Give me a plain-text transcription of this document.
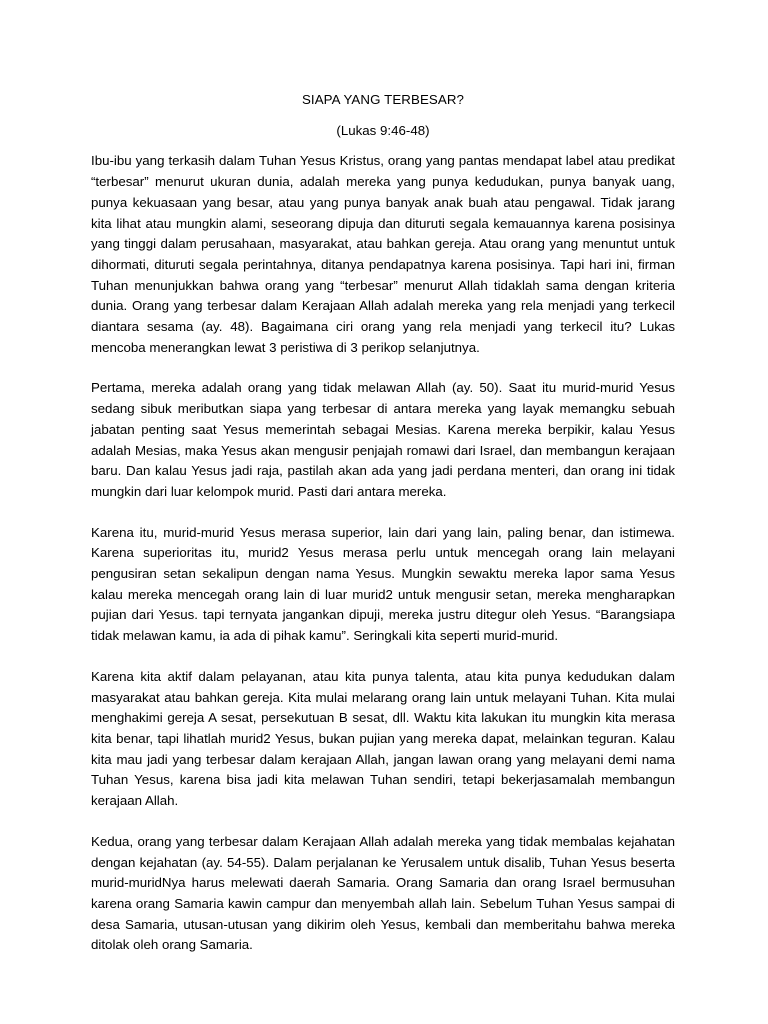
SIAPA YANG TERBESAR?
(Lukas 9:46-48)

Ibu-ibu yang terkasih dalam Tuhan Yesus Kristus, orang yang pantas mendapat label atau predikat “terbesar” menurut ukuran dunia, adalah mereka yang punya kedudukan, punya banyak uang, punya kekuasaan yang besar, atau yang punya banyak anak buah atau pengawal. Tidak jarang kita lihat atau mungkin alami, seseorang dipuja dan dituruti segala kemauannya karena posisinya yang tinggi dalam perusahaan, masyarakat, atau bahkan gereja. Atau orang yang menuntut untuk dihormati, dituruti segala perintahnya, ditanya pendapatnya karena posisinya. Tapi hari ini, firman Tuhan menunjukkan bahwa orang yang “terbesar” menurut Allah tidaklah sama dengan kriteria dunia. Orang yang terbesar dalam Kerajaan Allah adalah mereka yang rela menjadi yang terkecil diantara sesama (ay. 48). Bagaimana ciri orang yang rela menjadi yang terkecil itu? Lukas mencoba menerangkan lewat 3 peristiwa di 3 perikop selanjutnya.

Pertama, mereka adalah orang yang tidak melawan Allah (ay. 50). Saat itu murid-murid Yesus sedang sibuk meributkan siapa yang terbesar di antara mereka yang layak memangku sebuah jabatan penting saat Yesus memerintah sebagai Mesias. Karena mereka berpikir, kalau Yesus adalah Mesias, maka Yesus akan mengusir penjajah romawi dari Israel, dan membangun kerajaan baru. Dan kalau Yesus jadi raja, pastilah akan ada yang jadi perdana menteri, dan orang ini tidak mungkin dari luar kelompok murid. Pasti dari antara mereka.

Karena itu, murid-murid Yesus merasa superior, lain dari yang lain, paling benar, dan istimewa. Karena superioritas itu, murid2 Yesus merasa perlu untuk mencegah orang lain melayani pengusiran setan sekalipun dengan nama Yesus. Mungkin sewaktu mereka lapor sama Yesus kalau mereka mencegah orang lain di luar murid2 untuk mengusir setan, mereka mengharapkan pujian dari Yesus. tapi ternyata jangankan dipuji, mereka justru ditegur oleh Yesus. “Barangsiapa tidak melawan kamu, ia ada di pihak kamu”. Seringkali kita seperti murid-murid.

Karena kita aktif dalam pelayanan, atau kita punya talenta, atau kita punya kedudukan dalam masyarakat atau bahkan gereja. Kita mulai melarang orang lain untuk melayani Tuhan. Kita mulai menghakimi gereja A sesat, persekutuan B sesat, dll. Waktu kita lakukan itu mungkin kita merasa kita benar, tapi lihatlah murid2 Yesus, bukan pujian yang mereka dapat, melainkan teguran. Kalau kita mau jadi yang terbesar dalam kerajaan Allah, jangan lawan orang yang melayani demi nama Tuhan Yesus, karena bisa jadi kita melawan Tuhan sendiri, tetapi bekerjasamalah membangun kerajaan Allah.

Kedua, orang yang terbesar dalam Kerajaan Allah adalah mereka yang tidak membalas kejahatan dengan kejahatan (ay. 54-55). Dalam perjalanan ke Yerusalem untuk disalib, Tuhan Yesus beserta murid-muridNya harus melewati daerah Samaria. Orang Samaria dan orang Israel bermusuhan karena orang Samaria kawin campur dan menyembah allah lain. Sebelum Tuhan Yesus sampai di desa Samaria, utusan-utusan yang dikirim oleh Yesus, kembali dan memberitahu bahwa mereka ditolak oleh orang Samaria.
